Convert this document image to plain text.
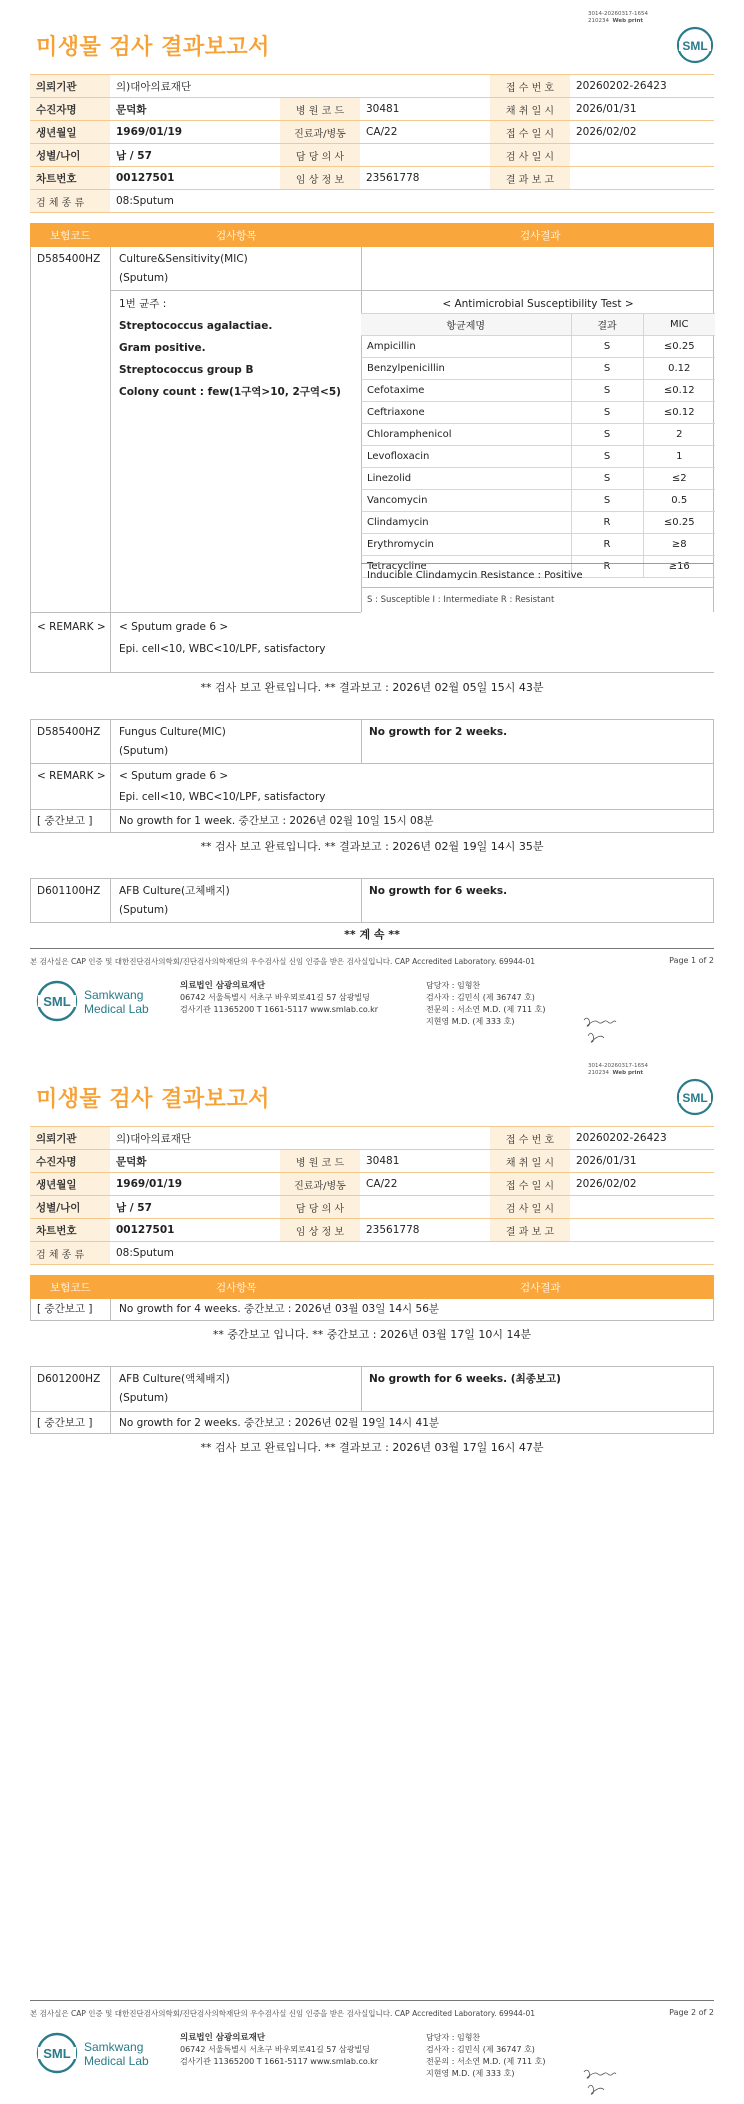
3014-20260317-1654
210234 Web print
SML
미생물 검사 결과보고서
의뢰기관	의)대아의료재단			접 수 번 호	20260202-26423
수진자명	문덕화	병 원 코 드	30481	채 취 일 시	2026/01/31
생년월일	1969/01/19	진료과/병동	CA/22	접 수 일 시	2026/02/02
성별/나이	남 / 57	담 당 의 사		검 사 일 시	
차트번호	00127501	임 상 정 보	23561778	결 과 보 고	
검 체 종 류	08:Sputum				
보험코드	검사항목	검사결과
D585400HZ Culture&Sensitivity(MIC)
(Sputum)
1번 균주 :
Streptococcus agalactiae.
Gram positive.
Streptococcus group B
Colony count : few(1구역>10, 2구역<5)
< Antimicrobial Susceptibility Test >
항균제명	결과	MIC
Ampicillin	S	≤0.25
Benzylpenicillin	S	0.12
Cefotaxime	S	≤0.12
Ceftriaxone	S	≤0.12
Chloramphenicol	S	2
Levofloxacin	S	1
Linezolid	S	≤2
Vancomycin	S	0.5
Clindamycin	R	≤0.25
Erythromycin	R	≥8
Tetracycline	R	≥16
Inducible Clindamycin Resistance : Positive
S : Susceptible I : Intermediate R : Resistant
< REMARK > < Sputum grade 6 >
Epi. cell<10, WBC<10/LPF, satisfactory
** 검사 보고 완료입니다. ** 결과보고 : 2026년 02월 05일 15시 43분
D585400HZ Fungus Culture(MIC)
(Sputum)
No growth for 2 weeks.
< REMARK > < Sputum grade 6 >
Epi. cell<10, WBC<10/LPF, satisfactory
[ 중간보고 ]	No growth for 1 week. 중간보고 : 2026년 02월 10일 15시 08분
** 검사 보고 완료입니다. ** 결과보고 : 2026년 02월 19일 14시 35분
D601100HZ AFB Culture(고체배지)
(Sputum)
No growth for 6 weeks.
** 계 속 **
본 검사실은 CAP 인증 및 대한진단검사의학회/진단검사의학재단의 우수검사실 신임 인증을 받은 검사실입니다. CAP Accredited Laboratory. 69944-01	Page 1 of 2
SML Samkwang
Medical Lab
의료법인 삼광의료재단
06742 서울특별시 서초구 바우뫼로41길 57 삼광빌딩
검사기관 11365200 T 1661-5117 www.smlab.co.kr
담당자 : 임형찬
검사자 : 김민식 (제 36747 호)
전문의 : 서소연 M.D. (제 711 호)
지현영 M.D. (제 333 호)
3014-20260317-1654
210234 Web print
SML
미생물 검사 결과보고서
의뢰기관	의)대아의료재단			접 수 번 호	20260202-26423
수진자명	문덕화	병 원 코 드	30481	채 취 일 시	2026/01/31
생년월일	1969/01/19	진료과/병동	CA/22	접 수 일 시	2026/02/02
성별/나이	남 / 57	담 당 의 사		검 사 일 시	
차트번호	00127501	임 상 정 보	23561778	결 과 보 고	
검 체 종 류	08:Sputum				
보험코드	검사항목	검사결과
[ 중간보고 ]	No growth for 4 weeks. 중간보고 : 2026년 03월 03일 14시 56분
** 중간보고 입니다. ** 중간보고 : 2026년 03월 17일 10시 14분
D601200HZ AFB Culture(액체배지)
(Sputum)
No growth for 6 weeks. (최종보고)
[ 중간보고 ]	No growth for 2 weeks. 중간보고 : 2026년 02월 19일 14시 41분
** 검사 보고 완료입니다. ** 결과보고 : 2026년 03월 17일 16시 47분
본 검사실은 CAP 인증 및 대한진단검사의학회/진단검사의학재단의 우수검사실 신임 인증을 받은 검사실입니다. CAP Accredited Laboratory. 69944-01	Page 2 of 2
SML Samkwang
Medical Lab
의료법인 삼광의료재단
06742 서울특별시 서초구 바우뫼로41길 57 삼광빌딩
검사기관 11365200 T 1661-5117 www.smlab.co.kr
담당자 : 임형찬
검사자 : 김민식 (제 36747 호)
전문의 : 서소연 M.D. (제 711 호)
지현영 M.D. (제 333 호)
